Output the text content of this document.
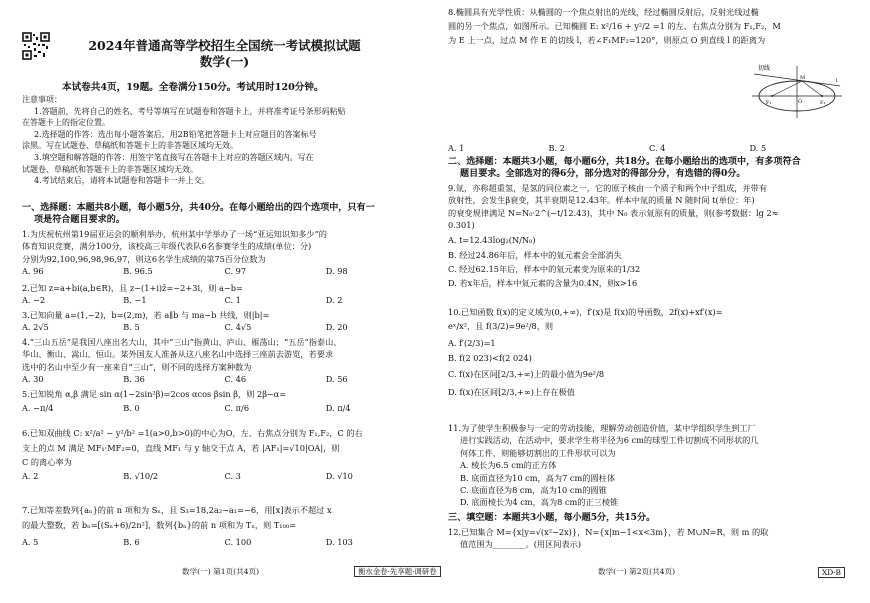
2024年普通高等学校招生全国统一考试模拟试题
数学(一)
本试卷共4页，19题。全卷满分150分。考试用时120分钟。
注意事项：
1.答题前，先将自己的姓名、考号等填写在试题卷和答题卡上，并将准考证号条形码粘贴
在答题卡上的指定位置。
2.选择题的作答：选出每小题答案后，用2B铅笔把答题卡上对应题目的答案标号
涂黑。写在试题卷、草稿纸和答题卡上的非答题区域均无效。
3.填空题和解答题的作答：用签字笔直接写在答题卡上对应的答题区域内。写在
试题卷、草稿纸和答题卡上的非答题区域均无效。
4.考试结束后，请将本试题卷和答题卡一并上交。
一、选择题：本题共8小题，每小题5分，共40分。在每小题给出的四个选项中，只有一
项是符合题目要求的。
1.为庆祝杭州第19届亚运会的顺利举办，杭州某中学举办了一场“亚运知识知多少”的
体育知识竞赛，满分100分，该校高三年级代表队6名参赛学生的成绩(单位：分)
分别为92,100,96,98,96,97，则这6名学生成绩的第75百分位数为
A. 96	B. 96.5	C. 97	D. 98
2.已知 z=a+bi(a,b∈R)，且 z−(1+i)z̄=−2+3i，则 a−b=
A. −2	B. −1	C. 1	D. 2
3.已知向量 a=(1,−2)，b=(2,m)，若 a∥b 与 ma−b 共线，则|b|=
A. 2√5	B. 5	C. 4√5	D. 20
4.“三山五岳”是我国八座出名大山，其中“三山”指黄山、庐山、雁荡山；“五岳”指泰山、
华山、衡山、嵩山、恒山。某外国友人准备从这八座名山中选择三座前去游览，若要求
选中的名山中至少有一座来自“三山”，则不同的选择方案种数为
A. 30	B. 36	C. 46	D. 56
5.已知锐角 α,β 满足 sin α(1−2sin²β)=2cos αcos βsin β，则 2β−α=
A. −π/4	B. 0	C. π/6	D. π/4
6.已知双曲线 C: x²/a² − y²/b² =1(a>0,b>0)的中心为O，左、右焦点分别为 F₁,F₂，C 的右
支上的点 M 满足 MF₁·MF₂=0，直线 MF₁ 与 y 轴交于点 A，若 |AF₁|=√10|OA|，则
C 的离心率为
A. 2	B. √10/2	C. 3	D. √10
7.已知等差数列{aₙ}的前 n 项和为 Sₙ，且 S₃=18,2a₂−a₁=−6，用[x]表示不超过 x
的最大整数，若 bₙ=[(Sₙ+6)/2n²]，数列{bₙ}的前 n 项和为 Tₙ，则 T₁₀₀=
A. 5	B. 6	C. 100	D. 103
数学(一) 第1页(共4页)	衡水金卷·先享题·调研卷
8.椭圆具有光学性质：从椭圆的一个焦点射出的光线，经过椭圆反射后，反射光线过椭
圆的另一个焦点，如图所示。已知椭圆 E: x²/16 + y²/2 =1 的左、右焦点分别为 F₁,F₂，M
为 E 上一点，过点 M 作 E 的切线 l，若∠F₁MF₂=120°，则原点 O 到直线 l 的距离为
切线
F₁	F₂
O
M	l
A. 1	B. 2	C. 4	D. 5
二、选择题：本题共3小题，每小题6分，共18分。在每小题给出的选项中，有多项符合
题目要求。全部选对的得6分，部分选对的得部分分，有选错的得0分。
9.氚，亦称超重氢，是氢的同位素之一，它的原子核由一个质子和两个中子组成，并带有
放射性，会发生β衰变，其半衰期是12.43年。样本中氚的质量 N 随时间 t(单位：年)
的衰变规律满足 N=N₀·2^(−t/12.43)，其中 N₀ 表示氚原有的质量，则(参考数据：lg 2≈
0.301)
A. t=12.43log₂(N/N₀)
B. 经过24.86年后，样本中的氚元素会全部消失
C. 经过62.15年后，样本中的氚元素变为原来的1/32
D. 若x年后，样本中氚元素的含量为0.4N，则x>16
10.已知函数 f(x)的定义域为(0,+∞)，f′(x)是 f(x)的导函数，2f(x)+xf′(x)=
eˣ/x²，且 f(3/2)=9e²/8，则
A. f′(2/3)=1
B. f(2 023)<f(2 024)
C. f(x)在区间[2/3,+∞)上的最小值为9e²/8
D. f(x)在区间[2/3,+∞)上存在极值
11.为了使学生积极参与一定的劳动技能，理解劳动创造价值，某中学组织学生到工厂
进行实践活动，在活动中，要求学生将半径为6 cm的球型工件切割成不同形状的几
何体工件，则能够切割出的工件形状可以为
A. 棱长为6.5 cm的正方体
B. 底面直径为10 cm，高为7 cm的圆柱体
C. 底面直径为8 cm，高为10 cm的圆锥
D. 底面棱长为4 cm，高为8 cm的正三棱锥
三、填空题：本题共3小题，每小题5分，共15分。
12.已知集合 M={x|y=√(x²−2x)}，N={x|m−1<x<3m}，若 M∪N=R，则 m 的取
值范围为________。(用区间表示)
数学(一) 第2页(共4页)	XD·B
